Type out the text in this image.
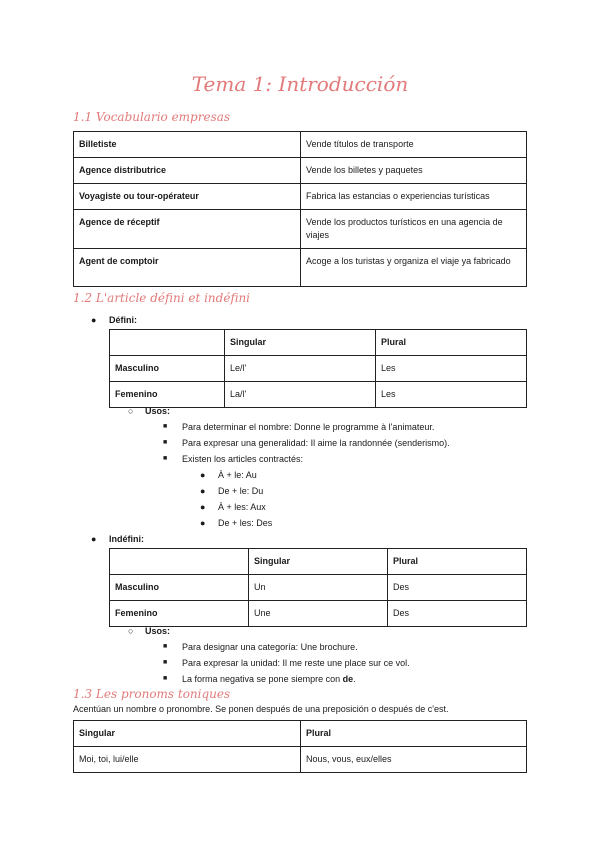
Tema 1: Introducción
1.1 Vocabulario empresas
Billetiste	Vende títulos de transporte
Agence distributrice	Vende los billetes y paquetes
Voyagiste ou tour-opérateur	Fabrica las estancias o experiencias turísticas
Agence de réceptif	Vende los productos turísticos en una agencia de viajes
Agent de comptoir	Acoge a los turistas y organiza el viaje ya fabricado
1.2 L'article défini et indéfini
● Défini:
	Singular	Plural
Masculino	Le/l'	Les
Femenino	La/l'	Les
○ Usos:
■ Para determinar el nombre: Donne le programme à l'animateur.
■ Para expresar una generalidad: Il aime la randonnée (senderismo).
■ Existen los articles contractés:
● À + le: Au
● De + le: Du
● À + les: Aux
● De + les: Des
● Indéfini:
	Singular	Plural
Masculino	Un	Des
Femenino	Une	Des
○ Usos:
■ Para designar una categoría: Une brochure.
■ Para expresar la unidad: Il me reste une place sur ce vol.
■ La forma negativa se pone siempre con de.
1.3 Les pronoms toniques
Acentúan un nombre o pronombre. Se ponen después de una preposición o después de c'est.
Singular	Plural
Moi, toi, lui/elle	Nous, vous, eux/elles
